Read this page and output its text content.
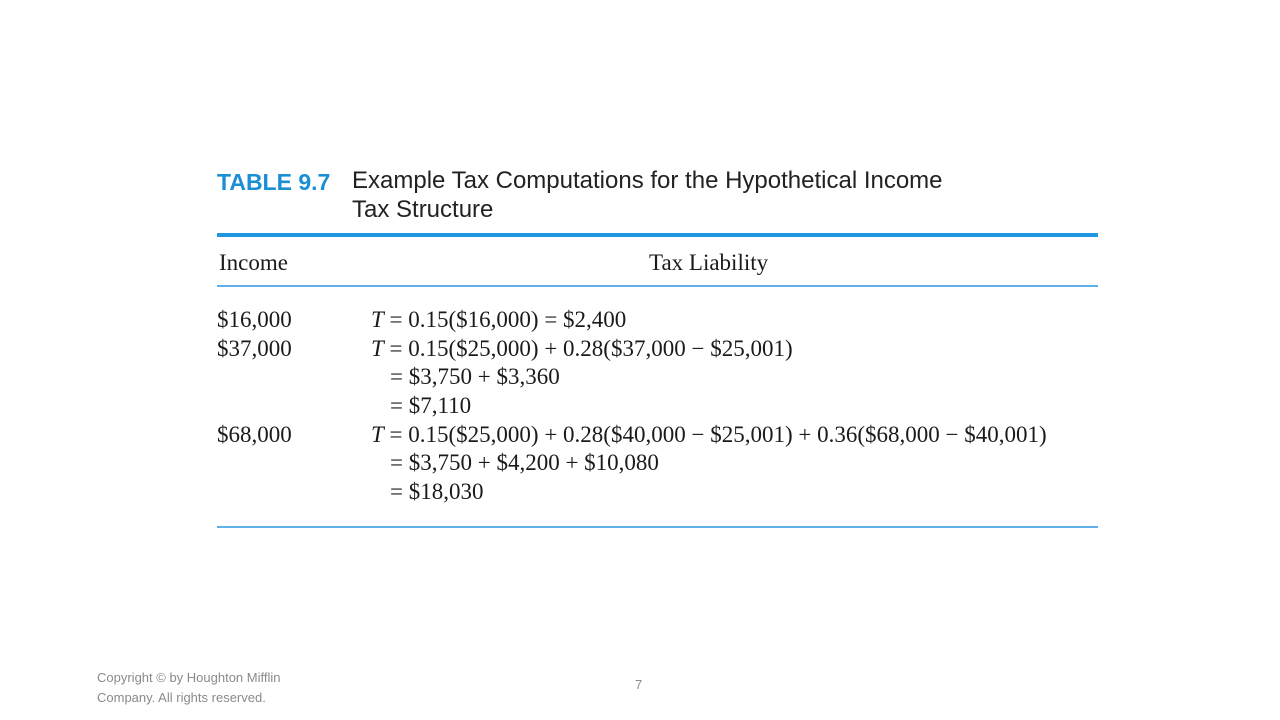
TABLE 9.7 Example Tax Computations for the Hypothetical Income
Tax Structure
Income	Tax Liability
$16,000	T = 0.15($16,000) = $2,400
$37,000	T = 0.15($25,000) + 0.28($37,000 − $25,001)
= $3,750 + $3,360
= $7,110
$68,000	T = 0.15($25,000) + 0.28($40,000 − $25,001) + 0.36($68,000 − $40,001)
= $3,750 + $4,200 + $10,080
= $18,030
Copyright © by Houghton Mifflin
Company. All rights reserved.
7
